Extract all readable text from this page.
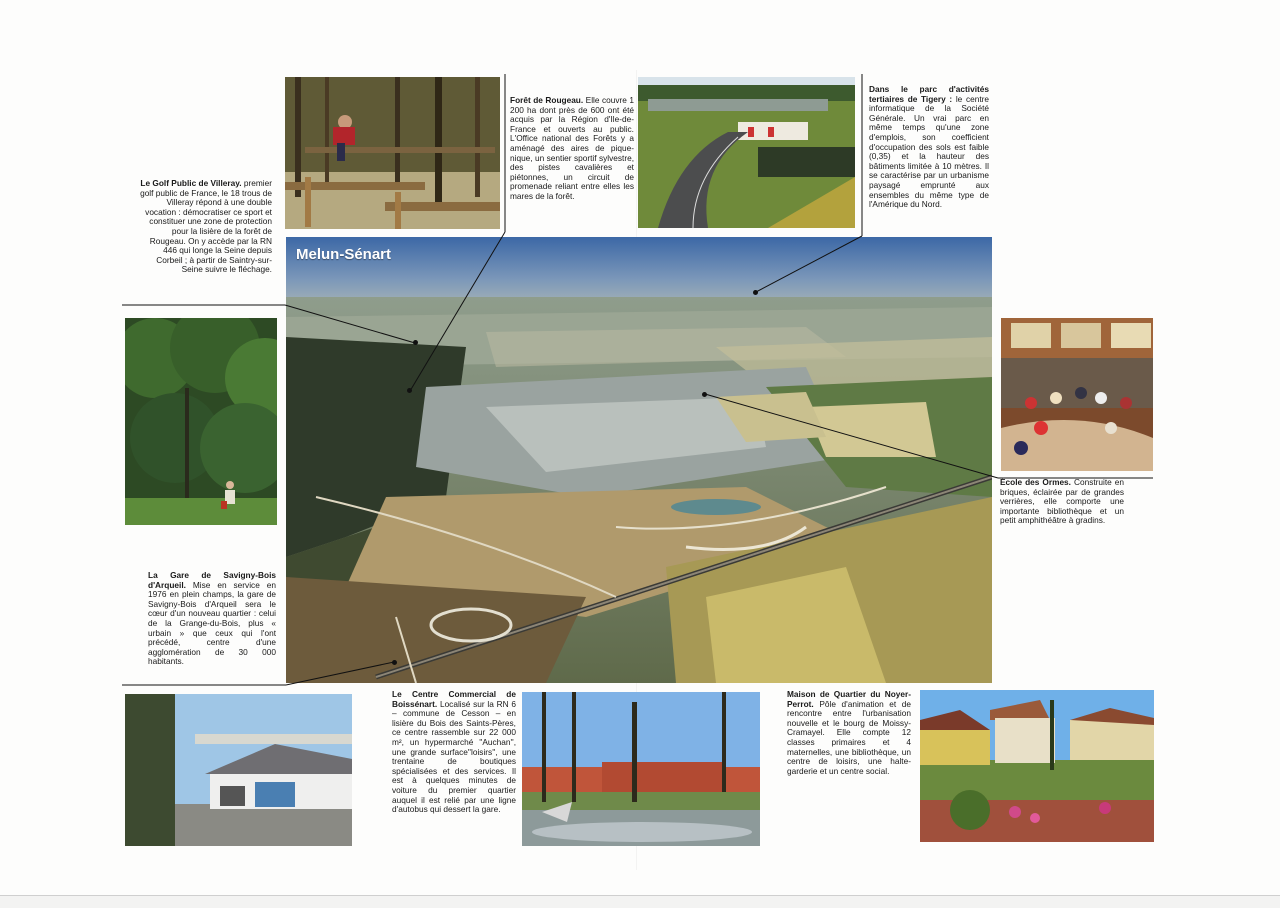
Melun-Sénart
Le Golf Public de Villeray. premier golf public de France, le 18 trous de Villeray répond à une double vocation : démocratiser ce sport et constituer une zone de protection pour la lisière de la forêt de Rougeau. On y accède par la RN 446 qui longe la Seine depuis Corbeil ; à partir de Saintry-sur-Seine suivre le fléchage.
Forêt de Rougeau. Elle couvre 1 200 ha dont près de 600 ont été acquis par la Région d'Ile-de-France et ouverts au public. L'Office national des Forêts y a aménagé des aires de pique-nique, un sentier sportif sylvestre, des pistes cavalières et piétonnes, un circuit de promenade reliant entre elles les mares de la forêt.
Dans le parc d'activités tertiaires de Tigery : le centre informatique de la Société Générale. Un vrai parc en même temps qu'une zone d'emplois, son coefficient d'occupation des sols est faible (0,35) et la hauteur des bâtiments limitée à 10 mètres. Il se caractérise par un urbanisme paysagé emprunté aux ensembles du même type de l'Amérique du Nord.
École des Ormes. Construite en briques, éclairée par de grandes verrières, elle comporte une importante bibliothèque et un petit amphithéâtre à gradins.
La Gare de Savigny-Bois d'Arqueil. Mise en service en 1976 en plein champs, la gare de Savigny-Bois d'Arqueil sera le cœur d'un nouveau quartier : celui de la Grange-du-Bois, plus « urbain » que ceux qui l'ont précédé, centre d'une agglomération de 30 000 habitants.
Le Centre Commercial de Boissénart. Localisé sur la RN 6 – commune de Cesson – en lisière du Bois des Saints-Pères, ce centre rassemble sur 22 000 m², un hypermarché ''Auchan'', une grande surface''loisirs'', une trentaine de boutiques spécialisées et des services. Il est à quelques minutes de voiture du premier quartier auquel il est relié par une ligne d'autobus qui dessert la gare.
Maison de Quartier du Noyer-Perrot. Pôle d'animation et de rencontre entre l'urbanisation nouvelle et le bourg de Moissy-Cramayel. Elle compte 12 classes primaires et 4 maternelles, une bibliothèque, un centre de loisirs, une halte-garderie et un centre social.
